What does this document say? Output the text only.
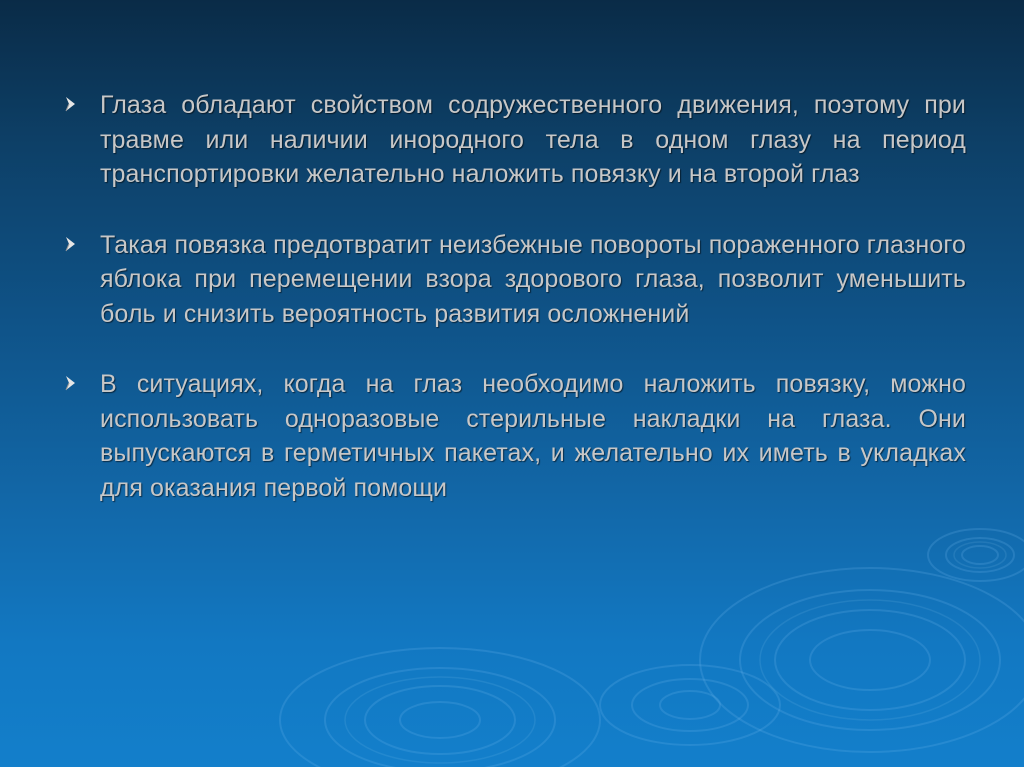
Глаза обладают свойством содружественного движения, поэтому при травме или наличии инородного тела в одном глазу на период транспортировки желательно наложить повязку и на второй глаз
Такая повязка предотвратит неизбежные повороты пораженного глазного яблока при перемещении взора здорового глаза, позволит уменьшить боль и снизить вероятность развития осложнений
В ситуациях, когда на глаз необходимо наложить повязку, можно использовать одноразовые стерильные накладки на глаза. Они выпускаются в герметичных пакетах, и желательно их иметь в укладках для оказания первой помощи
